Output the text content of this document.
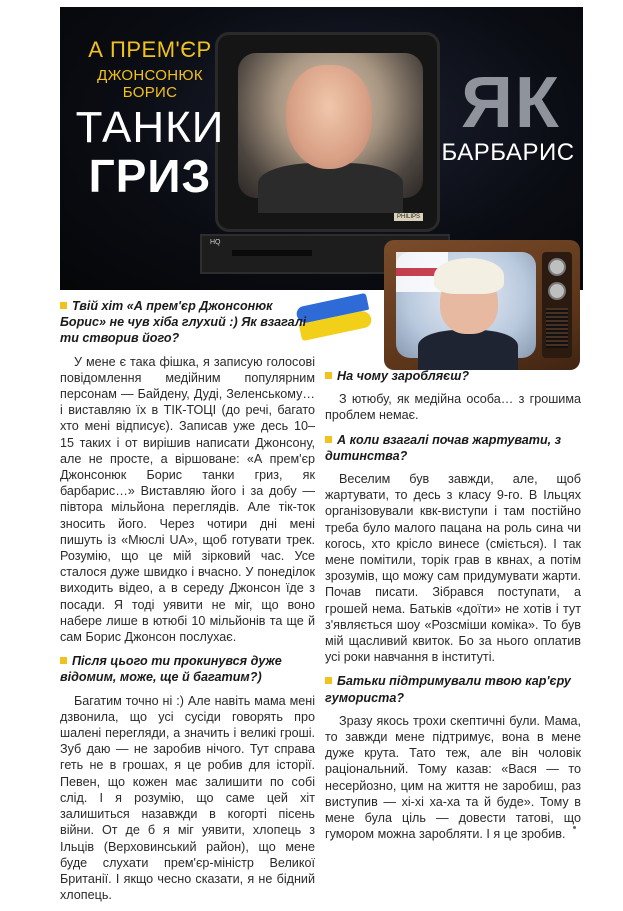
PHILIPS
HQ
А ПРЕМ'ЄР
ДЖОНСОНЮК БОРИС
ТАНКИ
ГРИЗ
ЯК
БАРБАРИС

Твій хіт «А прем'єр Джонсонюк Борис» не чув хіба глухий :) Як взагалі ти створив його?

У мене є така фішка, я записую голосові повідомлення медійним популярним персонам — Байдену, Дуді, Зеленському… і виставляю їх в ТІК-ТОЦІ (до речі, багато хто мені відписує). Записав уже десь 10–15 таких і от вирішив написати Джонсону, але не просте, а віршоване: «А прем'єр Джонсонюк Борис танки гриз, як барбарис…» Виставляю його і за добу — півтора мільйона переглядів. Але тік-ток зносить його. Через чотири дні мені пишуть із «Мюслі UA», щоб готувати трек. Розумію, що це мій зірковий час. Усе сталося дуже швидко і вчасно. У понеділок виходить відео, а в середу Джонсон їде з посади. Я тоді уявити не міг, що воно наберe лише в ютюбі 10 мільйонів та ще й сам Борис Джонсон послухає.

Після цього ти прокинувся дуже відомим, може, ще й багатим?)

Багатим точно ні :) Але навіть мама мені дзвонила, що усі сусіди говорять про шалені перегляди, а значить і великі гроші. Зуб даю — не заробив нічого. Тут справа геть не в грошах, я це робив для історії. Певен, що кожен має залишити по собі слід. І я розумію, що саме цей хіт залишиться назавжди в когорті пісень війни. От де б я міг уявити, хлопець з Ільців (Верховинський район), що мене буде слухати прем'єр-міністр Великої Британії. І якщо чесно сказати, я не бідний хлопець.

На чому заробляєш?

З ютюбу, як медійна особа… з грошима проблем немає.

А коли взагалі почав жартувати, з дитинства?

Веселим був завжди, але, щоб жартувати, то десь з класу 9-го. В Ільцях організовували квк-виступи і там постійно треба було малого пацана на роль сина чи когось, хто крісло винесе (сміється). І так мене помітили, торік грав в квнах, а потім зрозумів, що можу сам придумувати жарти. Почав писати. Зібрався поступати, а грошей нема. Батьків «доїти» не хотів і тут з'являється шоу «Розсміши коміка». То був мій щасливий квиток. Бо за нього оплатив усі роки навчання в інституті.

Батьки підтримували твою кар'єру гумориста?

Зразу якось трохи скептичні були. Мама, то завжди мене підтримує, вона в мене дуже крута. Тато теж, але він чоловік раціональний. Тому казав: «Вася — то несерйозно, цим на життя не заробиш, раз виступив — хі-хі ха-ха та й буде». Тому в мене була ціль — довести татові, що гумором можна заробляти. І я це зробив.
